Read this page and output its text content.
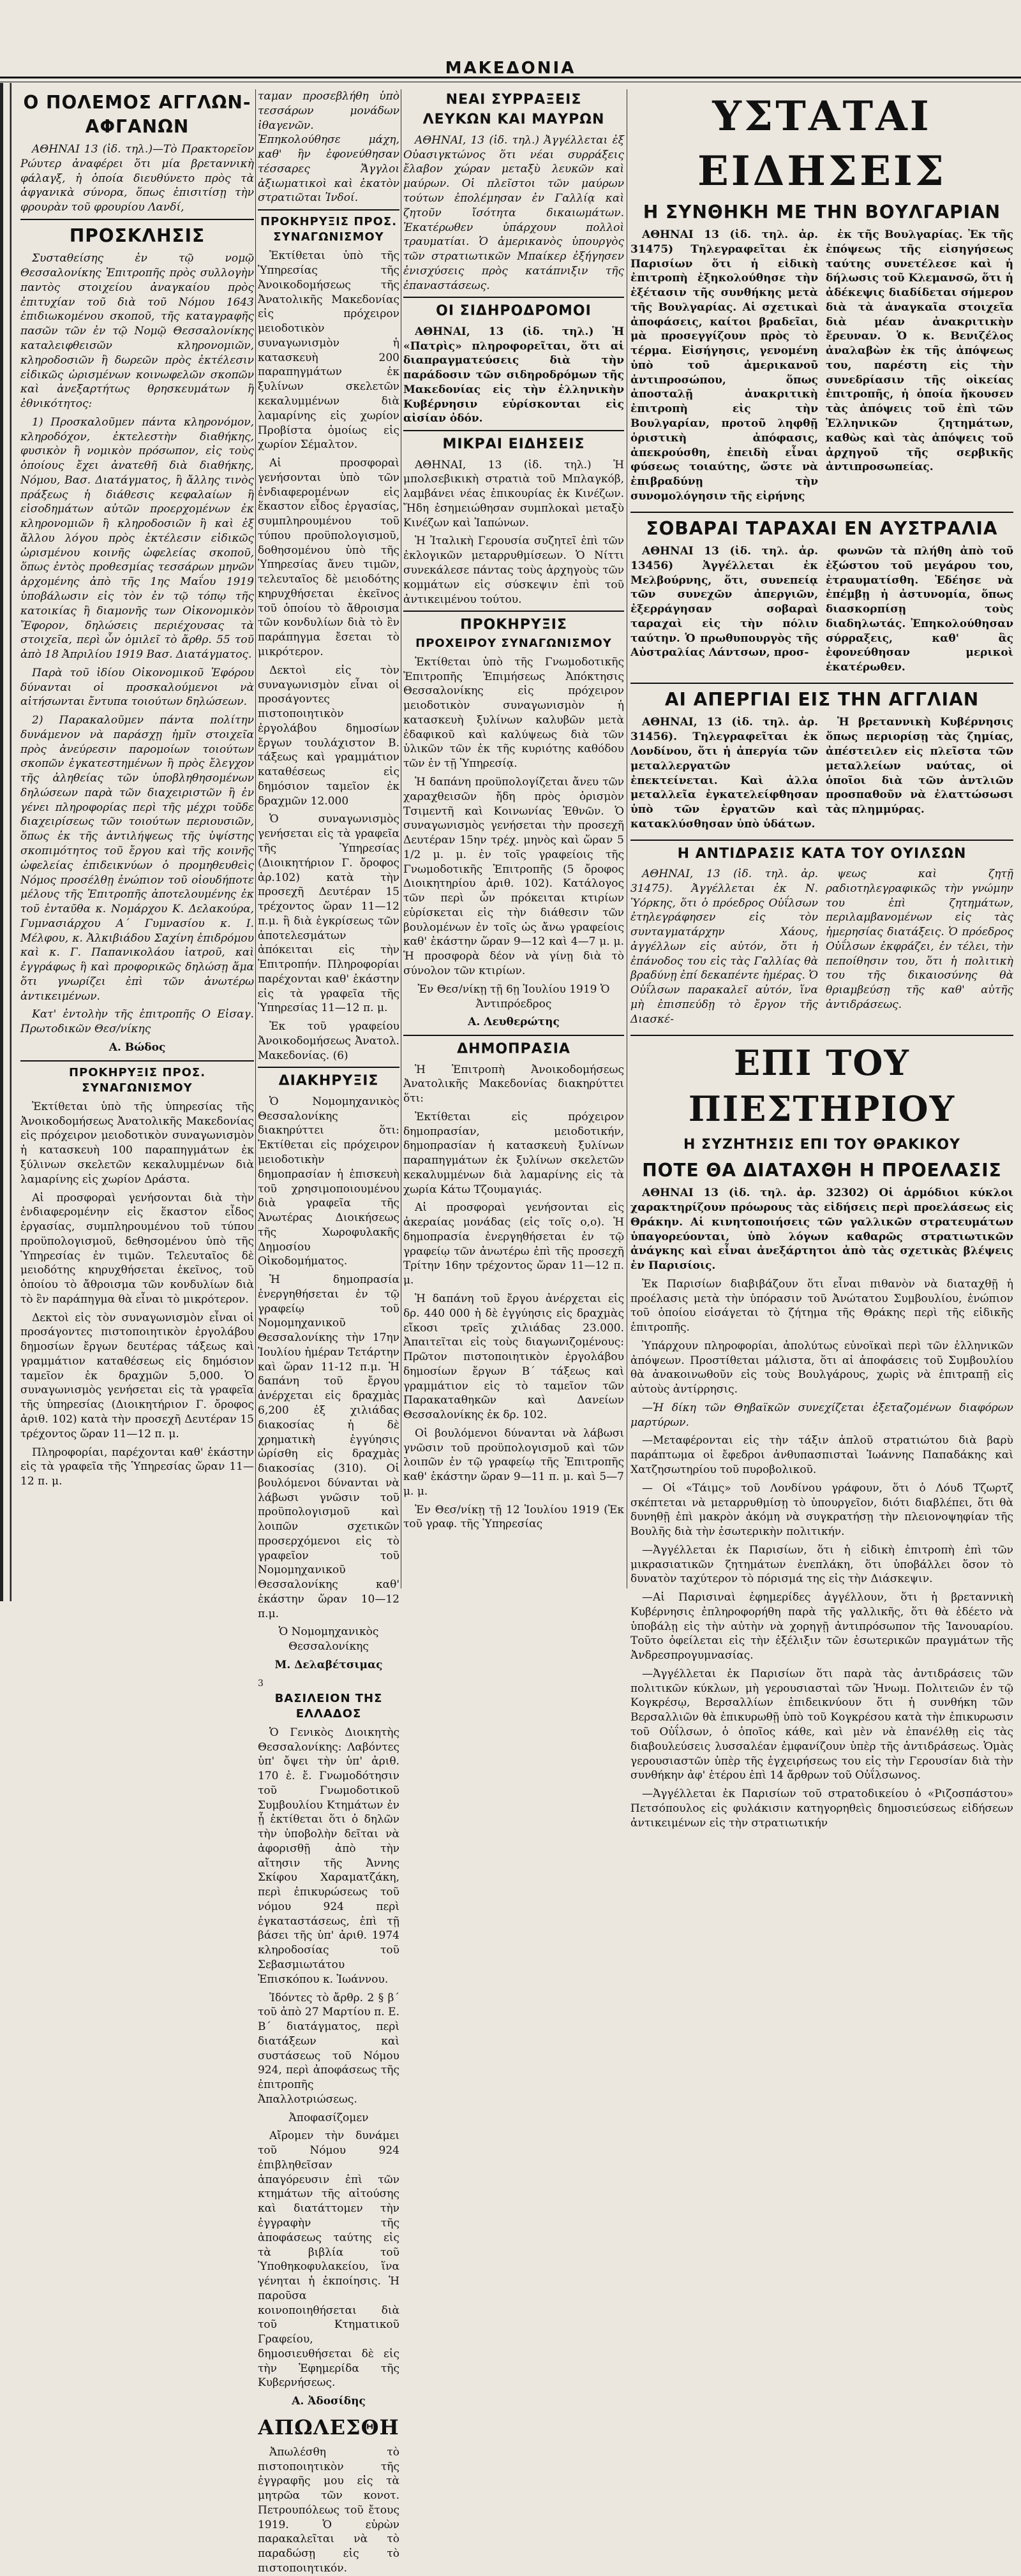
ΜΑΚΕΔΟΝΙΑ
Ο ΠΟΛΕΜΟΣ ΑΓΓΛΩΝ-ΑΦΓΑΝΩΝ

ΑΘΗΝΑΙ 13 (ἰδ. τηλ.)—Τὸ Πρακτορεῖον Ρώυτερ ἀναφέρει ὅτι μία βρεταννικὴ φάλαγξ, ἡ ὁποία διευθύνετο πρὸς τὰ ἀφγανικὰ σύνορα, ὅπως ἐπισιτίσῃ τὴν φρουρὰν τοῦ φρουρίου Λανδί,

ΠΡΟΣΚΛΗΣΙΣ

Συσταθείσης ἐν τῷ νομῷ Θεσσαλονίκης Ἐπιτροπῆς πρὸς συλλογὴν παντὸς στοιχείου ἀναγκαίου πρὸς ἐπιτυχίαν τοῦ διὰ τοῦ Νόμου 1643 ἐπιδιωκομένου σκοποῦ, τῆς καταγραφῆς πασῶν τῶν ἐν τῷ Νομῷ Θεσσαλονίκης καταλειφθεισῶν κληρονομιῶν, κληροδοσιῶν ἢ δωρεῶν πρὸς ἐκτέλεσιν εἰδικῶς ὡρισμένων κοινωφελῶν σκοπῶν καὶ ἀνεξαρτήτως θρησκευμάτων ἢ ἐθνικότητος:

1) Προσκαλοῦμεν πάντα κληρονόμον, κληροδόχον, ἐκτελεστὴν διαθήκης, φυσικὸν ἢ νομικὸν πρόσωπον, εἰς τοὺς ὁποίους ἔχει ἀνατεθῆ διὰ διαθήκης, Νόμου, Βασ. Διατάγματος, ἢ ἄλλης τινὸς πράξεως ἡ διάθεσις κεφαλαίων ἢ εἰσοδημάτων αὐτῶν προερχομένων ἐκ κληρονομιῶν ἢ κληροδοσιῶν ἢ καὶ ἐξ ἄλλου λόγου πρὸς ἐκτέλεσιν εἰδικῶς ὡρισμένου κοινῆς ὠφελείας σκοποῦ, ὅπως ἐντὸς προθεσμίας τεσσάρων μηνῶν ἀρχομένης ἀπὸ τῆς 1ης Μαΐου 1919 ὑποβάλωσιν εἰς τὸν ἐν τῷ τόπῳ τῆς κατοικίας ἢ διαμονῆς των Οἰκονομικὸν Ἔφορον, δηλώσεις περιέχουσας τὰ στοιχεῖα, περὶ ὧν ὁμιλεῖ τὸ ἄρθρ. 55 τοῦ ἀπὸ 18 Ἀπριλίου 1919 Βασ. Διατάγματος.

Παρὰ τοῦ ἰδίου Οἰκονομικοῦ Ἐφόρου δύνανται οἱ προσκαλούμενοι νὰ αἰτήσωνται ἔντυπα τοιούτων δηλώσεων.

2) Παρακαλοῦμεν πάντα πολίτην δυνάμενον νὰ παράσχῃ ἡμῖν στοιχεῖα πρὸς ἀνεύρεσιν παρομοίων τοιούτων σκοπῶν ἐγκατεστημένων ἢ πρὸς ἔλεγχον τῆς ἀληθείας τῶν ὑποβληθησομένων δηλώσεων παρὰ τῶν διαχειριστῶν ἢ ἐν γένει πληροφορίας περὶ τῆς μέχρι τοῦδε διαχειρίσεως τῶν τοιούτων περιουσιῶν, ὅπως ἐκ τῆς ἀντιλήψεως τῆς ὑψίστης σκοπιμότητος τοῦ ἔργου καὶ τῆς κοινῆς ὠφελείας ἐπιδεικνύων ὁ προμηθευθεὶς Νόμος προσέλθῃ ἐνώπιον τοῦ οἰουδήποτε μέλους τῆς Ἐπιτροπῆς ἀποτελουμένης ἐκ τοῦ ἐνταῦθα κ. Νομάρχου Κ. Δελακούρα, Γυμνασιάρχου Α΄ Γυμνασίου κ. Ι. Μέλφου, κ. Ἀλκιβιάδου Σαχίνη ἐπιδρόμου καὶ κ. Γ. Παπανικολάου ἰατροῦ, καὶ ἐγγράφως ἢ καὶ προφορικῶς δηλώσῃ ἅμα ὅτι γνωρίζει ἐπὶ τῶν ἀνωτέρω ἀντικειμένων.

Κατ' ἐντολὴν τῆς ἐπιτροπῆς Ο Εἰσαγ. Πρωτοδικῶν Θεσ/νίκης

Α. Βώδος
ΠΡΟΚΗΡΥΞΙΣ ΠΡΟΣ. ΣΥΝΑΓΩΝΙΣΜΟΥ

Ἐκτίθεται ὑπὸ τῆς ὑπηρεσίας τῆς Ἀνοικοδομήσεως Ἀνατολικῆς Μακεδονίας εἰς πρόχειρον μειοδοτικὸν συναγωνισμὸν ἡ κατασκευὴ 100 παραπηγμάτων ἐκ ξύλινων σκελετῶν κεκαλυμμένων διὰ λαμαρίνης εἰς χωρίον Δράστα.

Αἱ προσφοραὶ γενήσονται διὰ τὴν ἐνδιαφερομένην εἰς ἕκαστον εἶδος ἐργασίας, συμπληρουμένου τοῦ τύπου προϋπολογισμοῦ, δεθησομένου ὑπὸ τῆς Ὑπηρεσίας ἐν τιμῶν. Τελευταῖος δὲ μειοδότης κηρυχθήσεται ἐκεῖνος, τοῦ ὁποίου τὸ ἄθροισμα τῶν κονδυλίων διὰ τὸ ἓν παράπηγμα θὰ εἶναι τὸ μικρότερον.

Δεκτοὶ εἰς τὸν συναγωνισμὸν εἶναι οἱ προσάγοντες πιστοποιητικὸν ἐργολάβου δημοσίων ἔργων δευτέρας τάξεως καὶ γραμμάτιον καταθέσεως εἰς δημόσιον ταμεῖον ἐκ δραχμῶν 5,000. Ὁ συναγωνισμὸς γενήσεται εἰς τὰ γραφεῖα τῆς ὑπηρεσίας (Διοικητήριον Γ. ὄροφος ἀριθ. 102) κατὰ τὴν προσεχῆ Δευτέραν 15 τρέχοντος ὥραν 11—12 π. μ.

Πληροφορίαι, παρέχονται καθ' ἑκάστην εἰς τὰ γραφεῖα τῆς Ὑπηρεσίας ὥραν 11—12 π. μ.

ταμαν προσεβλήθη ὑπὸ τεσσάρων μονάδων ἰθαγενῶν. Ἐπηκολούθησε μάχη, καθ' ἣν ἐφονεύθησαν τέσσαρες Ἄγγλοι ἀξιωματικοὶ καὶ ἑκατὸν στρατιῶται Ἰνδοί.

ΠΡΟΚΗΡΥΞΙΣ ΠΡΟΣ. ΣΥΝΑΓΩΝΙΣΜΟΥ

Ἐκτίθεται ὑπὸ τῆς Ὑπηρεσίας τῆς Ἀνοικοδομήσεως τῆς Ἀνατολικῆς Μακεδονίας εἰς πρόχειρον μειοδοτικὸν συναγωνισμὸν ἡ κατασκευὴ 200 παραπηγμάτων ἐκ ξυλίνων σκελετῶν κεκαλυμμένων διὰ λαμαρίνης εἰς χωρίον Προβίστα ὁμοίως εἰς χωρίον Σέμαλτον.

Αἱ προσφοραὶ γενήσονται ὑπὸ τῶν ἐνδιαφερομένων εἰς ἕκαστον εἶδος ἐργασίας, συμπληρουμένου τοῦ τύπου προϋπολογισμοῦ, δοθησομένου ὑπὸ τῆς Ὑπηρεσίας ἄνευ τιμῶν, τελευταῖος δὲ μειοδότης κηρυχθήσεται ἐκεῖνος τοῦ ὁποίου τὸ ἄθροισμα τῶν κονδυλίων διὰ τὸ ἓν παράπηγμα ἔσεται τὸ μικρότερον.

Δεκτοὶ εἰς τὸν συναγωνισμὸν εἶναι οἱ προσάγοντες πιστοποιητικὸν ἐργολάβου δημοσίων ἔργων τουλάχιστον Β. τάξεως καὶ γραμμάτιον καταθέσεως εἰς δημόσιον ταμεῖον ἐκ δραχμῶν 12.000

Ὁ συναγωνισμὸς γενήσεται εἰς τὰ γραφεῖα τῆς Ὑπηρεσίας (Διοικητήριον Γ. ὄροφος ἀρ.102) κατὰ τὴν προσεχῆ Δευτέραν 15 τρέχοντος ὥραν 11—12 π.μ. ἢ διὰ ἐγκρίσεως τῶν ἀποτελεσμάτων ἀπόκειται εἰς τὴν Ἐπιτροπήν. Πληροφορίαι παρέχονται καθ' ἑκάστην εἰς τὰ γραφεῖα τῆς Ὑπηρεσίας 11—12 π. μ.

Ἐκ τοῦ γραφείου Ἀνοικοδομήσεως Ἀνατολ. Μακεδονίας. (6)

ΔΙΑΚΗΡΥΞΙΣ

Ὁ Νομομηχανικὸς Θεσσαλονίκης διακηρύττει ὅτι: Ἐκτίθεται εἰς πρόχειρον μειοδοτικὴν δημοπρασίαν ἡ ἐπισκευὴ τοῦ χρησιμοποιουμένου διὰ γραφεῖα τῆς Ἀνωτέρας Διοικήσεως τῆς Χωροφυλακῆς Δημοσίου Οἰκοδομήματος.

Ἡ δημοπρασία ἐνεργηθήσεται ἐν τῷ γραφείῳ τοῦ Νομομηχανικοῦ Θεσσαλονίκης τὴν 17ην Ἰουλίου ἡμέραν Τετάρτην καὶ ὥραν 11-12 π.μ. Ἡ δαπάνη τοῦ ἔργου ἀνέρχεται εἰς δραχμὰς 6,200 ἐξ χιλιάδας διακοσίας ἡ δὲ χρηματικὴ ἐγγύησις ὡρίσθη εἰς δραχμὰς διακοσίας (310). Οἱ βουλόμενοι δύνανται νὰ λάβωσι γνῶσιν τοῦ προϋπολογισμοῦ καὶ λοιπῶν σχετικῶν προσερχόμενοι εἰς τὸ γραφεῖον τοῦ Νομομηχανικοῦ Θεσσαλονίκης καθ' ἑκάστην ὥραν 10—12 π.μ.

Ὁ Νομομηχανικὸς Θεσσαλονίκης

Μ. Δελαβέτσιμας
3
ΒΑΣΙΛΕΙΟΝ ΤΗΣ ΕΛΛΑΔΟΣ

Ὁ Γενικὸς Διοικητὴς Θεσσαλονίκης: Λαβόντες ὑπ' ὄψει τὴν ὑπ' ἀριθ. 170 ἐ. ἔ. Γνωμοδότησιν τοῦ Γνωμοδοτικοῦ Συμβουλίου Κτημάτων ἐν ᾗ ἐκτίθεται ὅτι ὁ δηλῶν τὴν ὑποβολὴν δεῖται νὰ ἀφορισθῇ ἀπὸ τὴν αἴτησιν τῆς Ἀννης Σκίφου Χαραματζάκη, περὶ ἐπικυρώσεως τοῦ νόμου 924 περὶ ἐγκαταστάσεως, ἐπὶ τῇ βάσει τῆς ὑπ' ἀριθ. 1974 κληροδοσίας τοῦ Σεβασμιωτάτου Ἐπισκόπου κ. Ἰωάννου.

Ἰδόντες τὸ ἄρθρ. 2 § β΄ τοῦ ἀπὸ 27 Μαρτίου π. Ε. Β΄ διατάγματος, περὶ διατάξεων καὶ συστάσεως τοῦ Νόμου 924, περὶ ἀποφάσεως τῆς ἐπιτροπῆς Ἀπαλλοτριώσεως.

Ἀποφασίζομεν

Αἴρομεν τὴν δυνάμει τοῦ Νόμου 924 ἐπιβληθεῖσαν ἀπαγόρευσιν ἐπὶ τῶν κτημάτων τῆς αἰτούσης καὶ διατάττομεν τὴν ἐγγραφὴν τῆς ἀποφάσεως ταύτης εἰς τὰ βιβλία τοῦ Ὑποθηκοφυλακείου, ἵνα γένηται ἡ ἐκποίησις. Ἡ παροῦσα κοινοποιηθήσεται διὰ τοῦ Κτηματικοῦ Γραφείου, δημοσιευθήσεται δὲ εἰς τὴν Ἐφημερίδα τῆς Κυβερνήσεως.

Α. Ἀδοσίδης
ΑΠΩΛΕΣΘΗ

Ἀπωλέσθη τὸ πιστοποιητικὸν τῆς ἐγγραφῆς μου εἰς τὰ μητρῶα τῶν κονοτ. Πετρουπόλεως τοῦ ἔτους 1919. Ὁ εὑρὼν παρακαλεῖται νὰ τὸ παραδώσῃ εἰς τὸ πιστοποιητικόν.

ΝΕΑΙ ΣΥΡΡΑΞΕΙΣ
ΛΕΥΚΩΝ ΚΑΙ ΜΑΥΡΩΝ

ΑΘΗΝΑΙ, 13 (ἰδ. τηλ.) Ἀγγέλλεται ἐξ Οὐασιγκτώνος ὅτι νέαι συρράξεις ἔλαβον χώραν μεταξὺ λευκῶν καὶ μαύρων. Οἱ πλεῖστοι τῶν μαύρων τούτων ἐπολέμησαν ἐν Γαλλίᾳ καὶ ζητοῦν ἴσότητα δικαιωμάτων. Ἐκατέρωθεν ὑπάρχουν πολλοὶ τραυματίαι. Ὁ ἀμερικανὸς ὑπουργὸς τῶν στρατιωτικῶν Μπαίκερ ἐξήγησεν ἐνισχύσεις πρὸς κατάπνιξιν τῆς ἐπαναστάσεως.

ΟΙ ΣΙΔΗΡΟΔΡΟΜΟΙ

ΑΘΗΝΑΙ, 13 (ἰδ. τηλ.) Ἡ «Πατρὶς» πληροφορεῖται, ὅτι αἱ διαπραγματεύσεις διὰ τὴν παράδοσιν τῶν σιδηροδρόμων τῆς Μακεδονίας εἰς τὴν ἑλληνικὴν Κυβέρνησιν εὑρίσκονται εἰς αἰσίαν ὁδόν.

ΜΙΚΡΑΙ ΕΙΔΗΣΕΙΣ

ΑΘΗΝΑΙ, 13 (ἰδ. τηλ.) Ἡ μπολσεβικικὴ στρατιὰ τοῦ Μπλαγκόβ, λαμβάνει νέας ἐπικουρίας ἐκ Κινέζων. Ἤδη ἐσημειώθησαν συμπλοκαὶ μεταξὺ Κινέζων καὶ Ἰαπώνων.

Ἡ Ἰταλικὴ Γερουσία συζητεῖ ἐπὶ τῶν ἐκλογικῶν μεταρρυθμίσεων. Ὁ Νίττι συνεκάλεσε πάντας τοὺς ἀρχηγοὺς τῶν κομμάτων εἰς σύσκεψιν ἐπὶ τοῦ ἀντικειμένου τούτου.

ΠΡΟΚΗΡΥΞΙΣ
ΠΡΟΧΕΙΡΟΥ ΣΥΝΑΓΩΝΙΣΜΟΥ

Ἐκτίθεται ὑπὸ τῆς Γνωμοδοτικῆς Ἐπιτροπῆς Ἐπιμήσεως Ἀπόκτησις Θεσσαλονίκης εἰς πρόχειρον μειοδοτικὸν συναγωνισμὸν ἡ κατασκευὴ ξυλίνων καλυβῶν μετὰ ἐδαφικοῦ καὶ καλύψεως διὰ τῶν ὑλικῶν τῶν ἐκ τῆς κυριότης καθόδου τῶν ἐν τῇ Ὑπηρεσίᾳ.

Ἡ δαπάνη προϋπολογίζεται ἄνευ τῶν χαραχθεισῶν ἤδη πρὸς ὁρισμὸν Τσιμεντῆ καὶ Κοινωνίας Ἐθνῶν. Ὁ συναγωνισμὸς γενήσεται τὴν προσεχῆ Δευτέραν 15ην τρέχ. μηνὸς καὶ ὥραν 5 1/2 μ. μ. ἐν τοῖς γραφείοις τῆς Γνωμοδοτικῆς Ἐπιτροπῆς (5 ὄροφος Διοικητηρίου ἀριθ. 102). Κατάλογος τῶν περὶ ὧν πρόκειται κτιρίων εὑρίσκεται εἰς τὴν διάθεσιν τῶν βουλομένων ἐν τοῖς ὡς ἄνω γραφείοις καθ' ἑκάστην ὥραν 9—12 καὶ 4—7 μ. μ. Ἡ προσφορὰ δέον νὰ γίνῃ διὰ τὸ σύνολον τῶν κτιρίων.

Ἐν Θεσ/νίκῃ τῇ 6ῃ Ἰουλίου 1919 Ὁ Ἀντιπρόεδρος

Α. Λευθερώτης
ΔΗΜΟΠΡΑΣΙΑ

Ἡ Ἐπιτροπὴ Ἀνοικοδομήσεως Ἀνατολικῆς Μακεδονίας διακηρύττει ὅτι:

Ἐκτίθεται εἰς πρόχειρον δημοπρασίαν, μειοδοτικήν, δημοπρασίαν ἡ κατασκευὴ ξυλίνων παραπηγμάτων ἐκ ξυλίνων σκελετῶν κεκαλυμμένων διὰ λαμαρίνης εἰς τὰ χωρία Κάτω Τζουμαγιάς.

Αἱ προσφοραὶ γενήσονται εἰς ἀκεραίας μονάδας (εἰς τοῖς ο,ο). Ἡ δημοπρασία ἐνεργηθήσεται ἐν τῷ γραφείῳ τῶν ἀνωτέρω ἐπὶ τῆς προσεχῆ Τρίτην 16ην τρέχοντος ὥραν 11—12 π. μ.

Ἡ δαπάνη τοῦ ἔργου ἀνέρχεται εἰς δρ. 440 000 ἡ δὲ ἐγγύησις εἰς δραχμὰς εἴκοσι τρεῖς χιλιάδας 23.000. Ἀπαιτεῖται εἰς τοὺς διαγωνιζομένους: Πρῶτον πιστοποιητικὸν ἐργολάβου δημοσίων ἔργων Β΄ τάξεως καὶ γραμμάτιον εἰς τὸ ταμεῖον τῶν Παρακαταθηκῶν καὶ Δανείων Θεσσαλονίκης ἐκ δρ. 102.

Οἱ βουλόμενοι δύνανται νὰ λάβωσι γνῶσιν τοῦ προϋπολογισμοῦ καὶ τῶν λοιπῶν ἐν τῷ γραφείῳ τῆς Ἐπιτροπῆς καθ' ἑκάστην ὥραν 9—11 π. μ. καὶ 5—7 μ. μ.

Ἐν Θεσ/νίκῃ τῇ 12 Ἰουλίου 1919 (Ἐκ τοῦ γραφ. τῆς Ὑπηρεσίας

ΥΣΤΑΤΑΙ ΕΙΔΗΣΕΙΣ
Η ΣΥΝΘΗΚΗ ΜΕ ΤΗΝ ΒΟΥΛΓΑΡΙΑΝ

ΑΘΗΝΑΙ 13 (ἰδ. τηλ. ἀρ. 31475) Τηλεγραφεῖται ἐκ Παρισίων ὅτι ἡ εἰδικὴ ἐπιτροπὴ ἐξηκολούθησε τὴν ἐξέτασιν τῆς συνθήκης μετὰ τῆς Βουλγαρίας. Αἱ σχετικαὶ ἀποφάσεις, καίτοι βραδεῖαι, μὰ προσεγγίζουν πρὸς τὸ τέρμα. Εἰσήγησις, γενομένη ὑπὸ τοῦ ἀμερικανοῦ ἀντιπροσώπου, ὅπως ἀποσταλῇ ἀνακριτικὴ ἐπιτροπὴ εἰς τὴν Βουλγαρίαν, προτοῦ ληφθῇ ὁριστικὴ ἀπόφασις, ἀπεκρούσθη, ἐπειδὴ εἶναι φύσεως τοιαύτης, ὥστε νὰ ἐπιβραδύνῃ τὴν συνομολόγησιν τῆς εἰρήνης

ἐκ τῆς Βουλγαρίας. Ἐκ τῆς ἐπόψεως τῆς εἰσηγήσεως ταύτης συνετέλεσε καὶ ἡ δήλωσις τοῦ Κλεμανσῶ, ὅτι ἡ ἀδέκεψις διαδίδεται σήμερον διὰ τὰ ἀναγκαῖα στοιχεῖα διὰ μέαν ἀνακριτικὴν ἔρευναν. Ὁ κ. Βενιζέλος ἀναλαβὼν ἐκ τῆς ἀπόψεως του, παρέστη εἰς τὴν συνεδρίασιν τῆς οἰκείας ἐπιτροπῆς, ἡ ὁποία ἤκουσεν τὰς ἀπόψεις τοῦ ἐπὶ τῶν Ἑλληνικῶν ζητημάτων, καθὼς καὶ τὰς ἀπόψεις τοῦ ἀρχηγοῦ τῆς σερβικῆς ἀντιπροσωπείας.

ΣΟΒΑΡΑΙ ΤΑΡΑΧΑΙ ΕΝ ΑΥΣΤΡΑΛΙΑ

ΑΘΗΝΑΙ 13 (ἰδ. τηλ. ἀρ. 13456) Ἀγγέλλεται ἐκ Μελβούρνης, ὅτι, συνεπείᾳ τῶν συνεχῶν ἀπεργιῶν, ἐξερράγησαν σοβαραὶ ταραχαὶ εἰς τὴν πόλιν ταύτην. Ὁ πρωθυπουργὸς τῆς Αὐστραλίας Λάντσων, προσ-

φωνῶν τὰ πλήθη ἀπὸ τοῦ ἐξώστου τοῦ μεγάρου του, ἐτραυματίσθη. Ἐδέησε νὰ ἐπέμβῃ ἡ ἀστυνομία, ὅπως διασκορπίσῃ τοὺς διαδηλωτάς. Ἐπηκολούθησαν σύρραξεις, καθ' ἃς ἐφονεύθησαν μερικοὶ ἑκατέρωθεν.

ΑΙ ΑΠΕΡΓΙΑΙ ΕΙΣ ΤΗΝ ΑΓΓΛΙΑΝ

ΑΘΗΝΑΙ, 13 (ἰδ. τηλ. ἀρ. 31456). Τηλεγραφεῖται ἐκ Λονδίνου, ὅτι ἡ ἀπεργία τῶν μεταλλεργατῶν ἐπεκτείνεται. Καὶ ἀλλα μεταλλεῖα ἐγκατελείφθησαν ὑπὸ τῶν ἐργατῶν καὶ κατακλύσθησαν ὑπὸ ὑδάτων.

Ἡ βρεταννικὴ Κυβέρνησις ὅπως περιορίσῃ τὰς ζημίας, ἀπέστειλεν εἰς πλεῖστα τῶν μεταλλείων ναύτας, οἱ ὁποῖοι διὰ τῶν ἀντλιῶν προσπαθοῦν νὰ ἐλαττώσωσι τὰς πλημμύρας.

Η ΑΝΤΙΔΡΑΣΙΣ ΚΑΤΑ ΤΟΥ ΟΥΙΛΣΩΝ

ΑΘΗΝΑΙ, 13 (ἰδ. τηλ. ἀρ. 31475). Ἀγγέλλεται ἐκ Ν. Ὑόρκης, ὅτι ὁ πρόεδρος Οὐΐλσων ἐτηλεγράφησεν εἰς τὸν συνταγματάρχην Χάους, ἀγγέλλων εἰς αὐτόν, ὅτι ἡ ἐπάνοδος του εἰς τὰς Γαλλίας θὰ βραδύνῃ ἐπί δεκαπέντε ἡμέρας. Ὁ Οὐΐλσων παρακαλεῖ αὐτόν, ἵνα μὴ ἐπισπεύδῃ τὸ ἔργον τῆς Διασκέ-

ψεως καὶ ζητῇ ραδιοτηλεγραφικῶς τὴν γνώμην του ἐπὶ ζητημάτων, περιλαμβανομένων εἰς τὰς ἡμερησίας διατάξεις. Ὁ πρόεδρος Οὐΐλσων ἐκφράζει, ἐν τέλει, τὴν πεποίθησιν του, ὅτι ἡ πολιτικὴ του τῆς δικαιοσύνης θὰ θριαμβεύσῃ τῆς καθ' αὐτῆς ἀντιδράσεως.

ΕΠΙ ΤΟΥ ΠΙΕΣΤΗΡΙΟΥ
Η ΣΥΖΗΤΗΣΙΣ ΕΠΙ ΤΟΥ ΘΡΑΚΙΚΟΥ
ΠΟΤΕ ΘΑ ΔΙΑΤΑΧΘΗ Η ΠΡΟΕΛΑΣΙΣ

ΑΘΗΝΑΙ 13 (ἰδ. τηλ. ἀρ. 32302) Οἱ ἁρμόδιοι κύκλοι χαρακτηρίζουν πρόωρους τὰς εἰδήσεις περὶ προελάσεως εἰς Θράκην. Αἱ κινητοποιήσεις τῶν γαλλικῶν στρατευμάτων ὑπαγορεύονται, ὑπὸ λόγων καθαρῶς στρατιωτικῶν ἀνάγκης καὶ εἶναι ἀνεξάρτητοι ἀπὸ τὰς σχετικὰς βλέψεις ἐν Παρισίοις.

Ἐκ Παρισίων διαβιβάζουν ὅτι εἶναι πιθανὸν νὰ διαταχθῇ ἡ προέλασις μετὰ τὴν ὑπόρασιν τοῦ Ἀνώτατου Συμβουλίου, ἐνώπιον τοῦ ὁποίου εἰσάγεται τὸ ζήτημα τῆς Θράκης περὶ τῆς εἰδικῆς ἐπιτροπῆς.

Ὑπάρχουν πληροφορίαι, ἀπολύτως εὐνοϊκαὶ περὶ τῶν ἑλληνικῶν ἀπόψεων. Προστίθεται μάλιστα, ὅτι αἱ ἀποφάσεις τοῦ Συμβουλίου θὰ ἀνακοινωθοῦν εἰς τοὺς Βουλγάρους, χωρὶς νὰ ἐπιτραπῇ εἰς αὐτοὺς ἀντίρρησις.

—Ἡ δίκη τῶν Θηβαϊκῶν συνεχίζεται ἐξεταζομένων διαφόρων μαρτύρων.

—Μεταφέρονται εἰς τὴν τάξιν ἁπλοῦ στρατιώτου διὰ βαρὺ παράπτωμα οἱ ἔφεδροι ἀνθυπασπισταὶ Ἰωάννης Παπαδάκης καὶ Χατζησωτηρίου τοῦ πυροβολικοῦ.

— Οἱ «Τάιμς» τοῦ Λονδίνου γράφουν, ὅτι ὁ Λόυδ Τζωρτζ σκέπτεται νὰ μεταρρυθμίσῃ τὸ ὑπουργεῖον, διότι διαβλέπει, ὅτι θὰ δυνηθῇ ἐπὶ μακρὸν ἀκόμη νὰ συγκρατήσῃ τὴν πλειονοψηφίαν τῆς Βουλῆς διὰ τὴν ἐσωτερικὴν πολιτικήν.

—Ἀγγέλλεται ἐκ Παρισίων, ὅτι ἡ εἰδικὴ ἐπιτροπὴ ἐπὶ τῶν μικρασιατικῶν ζητημάτων ἐνεπλάκη, ὅτι ὑποβάλλει ὅσον τὸ δυνατὸν ταχύτερον τὸ πόρισμά της εἰς τὴν Διάσκεψιν.

—Αἱ Παρισιναὶ ἐφημερίδες ἀγγέλλουν, ὅτι ἡ βρεταννικὴ Κυβέρνησις ἐπληροφορήθη παρὰ τῆς γαλλικῆς, ὅτι θὰ ἐδέετο νὰ ὑποβάλῃ εἰς τὴν αὐτὴν νὰ χορηγῇ ἀντιπρόσωπον τῆς Ἰανουαρίου. Τοῦτο ὀφείλεται εἰς τὴν ἐξέλιξιν τῶν ἐσωτερικῶν πραγμάτων τῆς Ἀνδρεσπρογυμνασίας.

—Ἀγγέλλεται ἐκ Παρισίων ὅτι παρὰ τὰς ἀντιδράσεις τῶν πολιτικῶν κύκλων, μὴ γερουσιασταὶ τῶν Ἠνωμ. Πολιτειῶν ἐν τῷ Κογκρέσῳ, Βερσαλλίων ἐπιδεικνύουν ὅτι ἡ συνθήκη τῶν Βερσαλλιῶν θὰ ἐπικυρωθῇ ὑπὸ τοῦ Κογκρέσου κατὰ τὴν ἐπικυρωσιν τοῦ Οὐΐλσων, ὁ ὁποῖος κάθε, καὶ μὲν νὰ ἐπανέλθῃ εἰς τὰς διαβουλεύσεις λυσσαλέαν ἐμφανίζουν ὑπὲρ τῆς ἀντιδράσεως. Ὁμὰς γερουσιαστῶν ὑπὲρ τῆς ἐγχειρήσεως του εἰς τὴν Γερουσίαν διὰ τὴν συνθήκην ἀφ' ἑτέρου ἐπὶ 14 ἄρθρων τοῦ Οὐΐλσωνος.

—Ἀγγέλλεται ἐκ Παρισίων τοῦ στρατοδικείου ὁ «Ριζοσπάστου» Πετσόπουλος εἰς φυλάκισιν κατηγορηθεὶς δημοσιεύσεως εἰδήσεων ἀντικειμένων εἰς τὴν στρατιωτικήν
